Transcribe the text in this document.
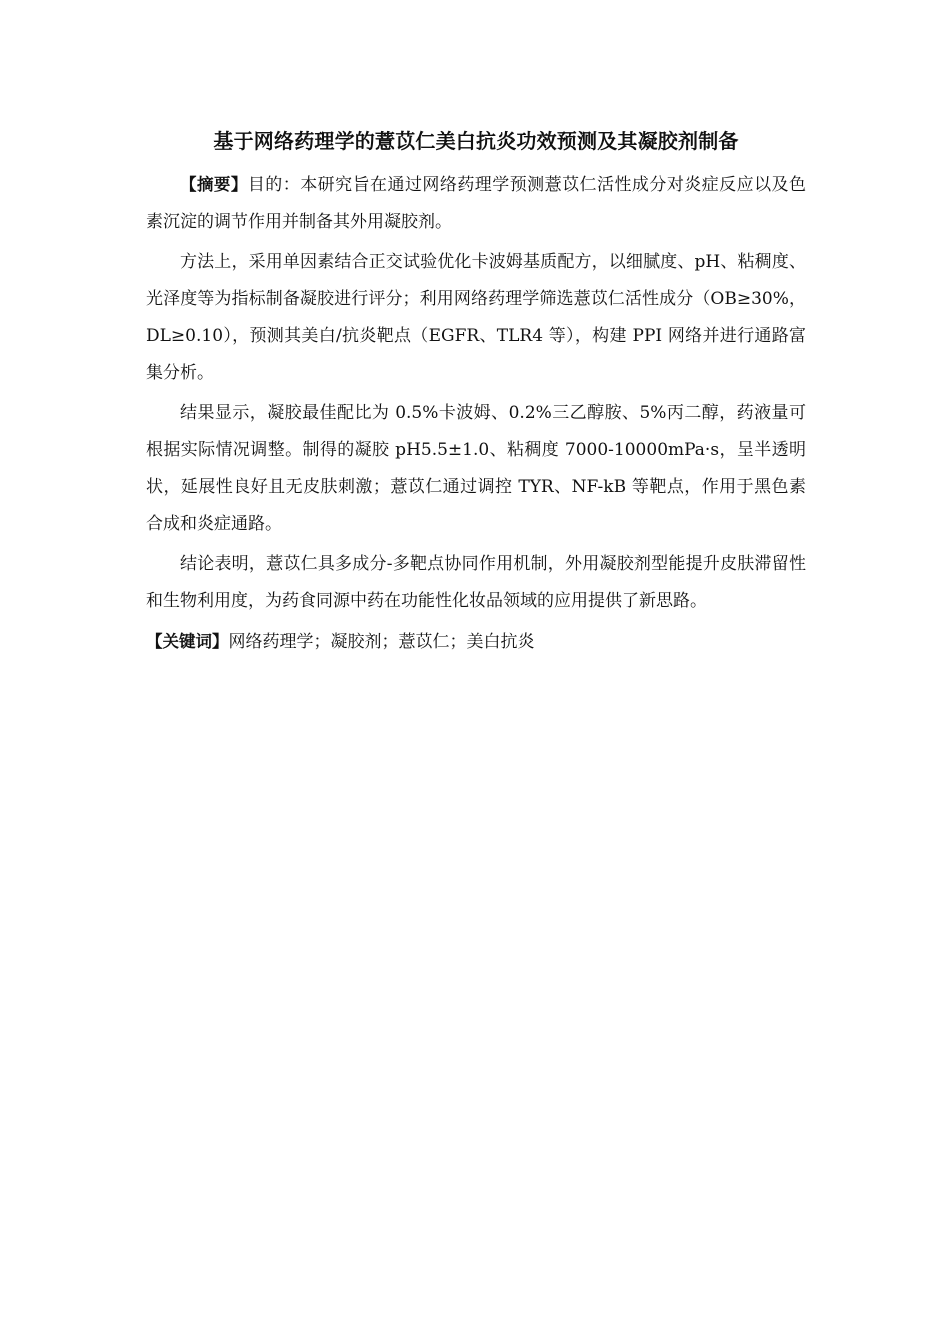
基于网络药理学的薏苡仁美白抗炎功效预测及其凝胶剂制备

【摘要】目的：本研究旨在通过网络药理学预测薏苡仁活性成分对炎症反应以及色素沉淀的调节作用并制备其外用凝胶剂。

方法上，采用单因素结合正交试验优化卡波姆基质配方，以细腻度、pH、粘稠度、光泽度等为指标制备凝胶进行评分；利用网络药理学筛选薏苡仁活性成分（OB≥30%，DL≥0.10），预测其美白/抗炎靶点（EGFR、TLR4 等），构建 PPI 网络并进行通路富集分析。

结果显示，凝胶最佳配比为 0.5%卡波姆、0.2%三乙醇胺、5%丙二醇，药液量可根据实际情况调整。制得的凝胶 pH5.5±1.0、粘稠度 7000-10000mPa·s，呈半透明状，延展性良好且无皮肤刺激；薏苡仁通过调控 TYR、NF-kB 等靶点，作用于黑色素合成和炎症通路。

结论表明，薏苡仁具多成分-多靶点协同作用机制，外用凝胶剂型能提升皮肤滞留性和生物利用度，为药食同源中药在功能性化妆品领域的应用提供了新思路。

【关键词】网络药理学；凝胶剂；薏苡仁；美白抗炎
